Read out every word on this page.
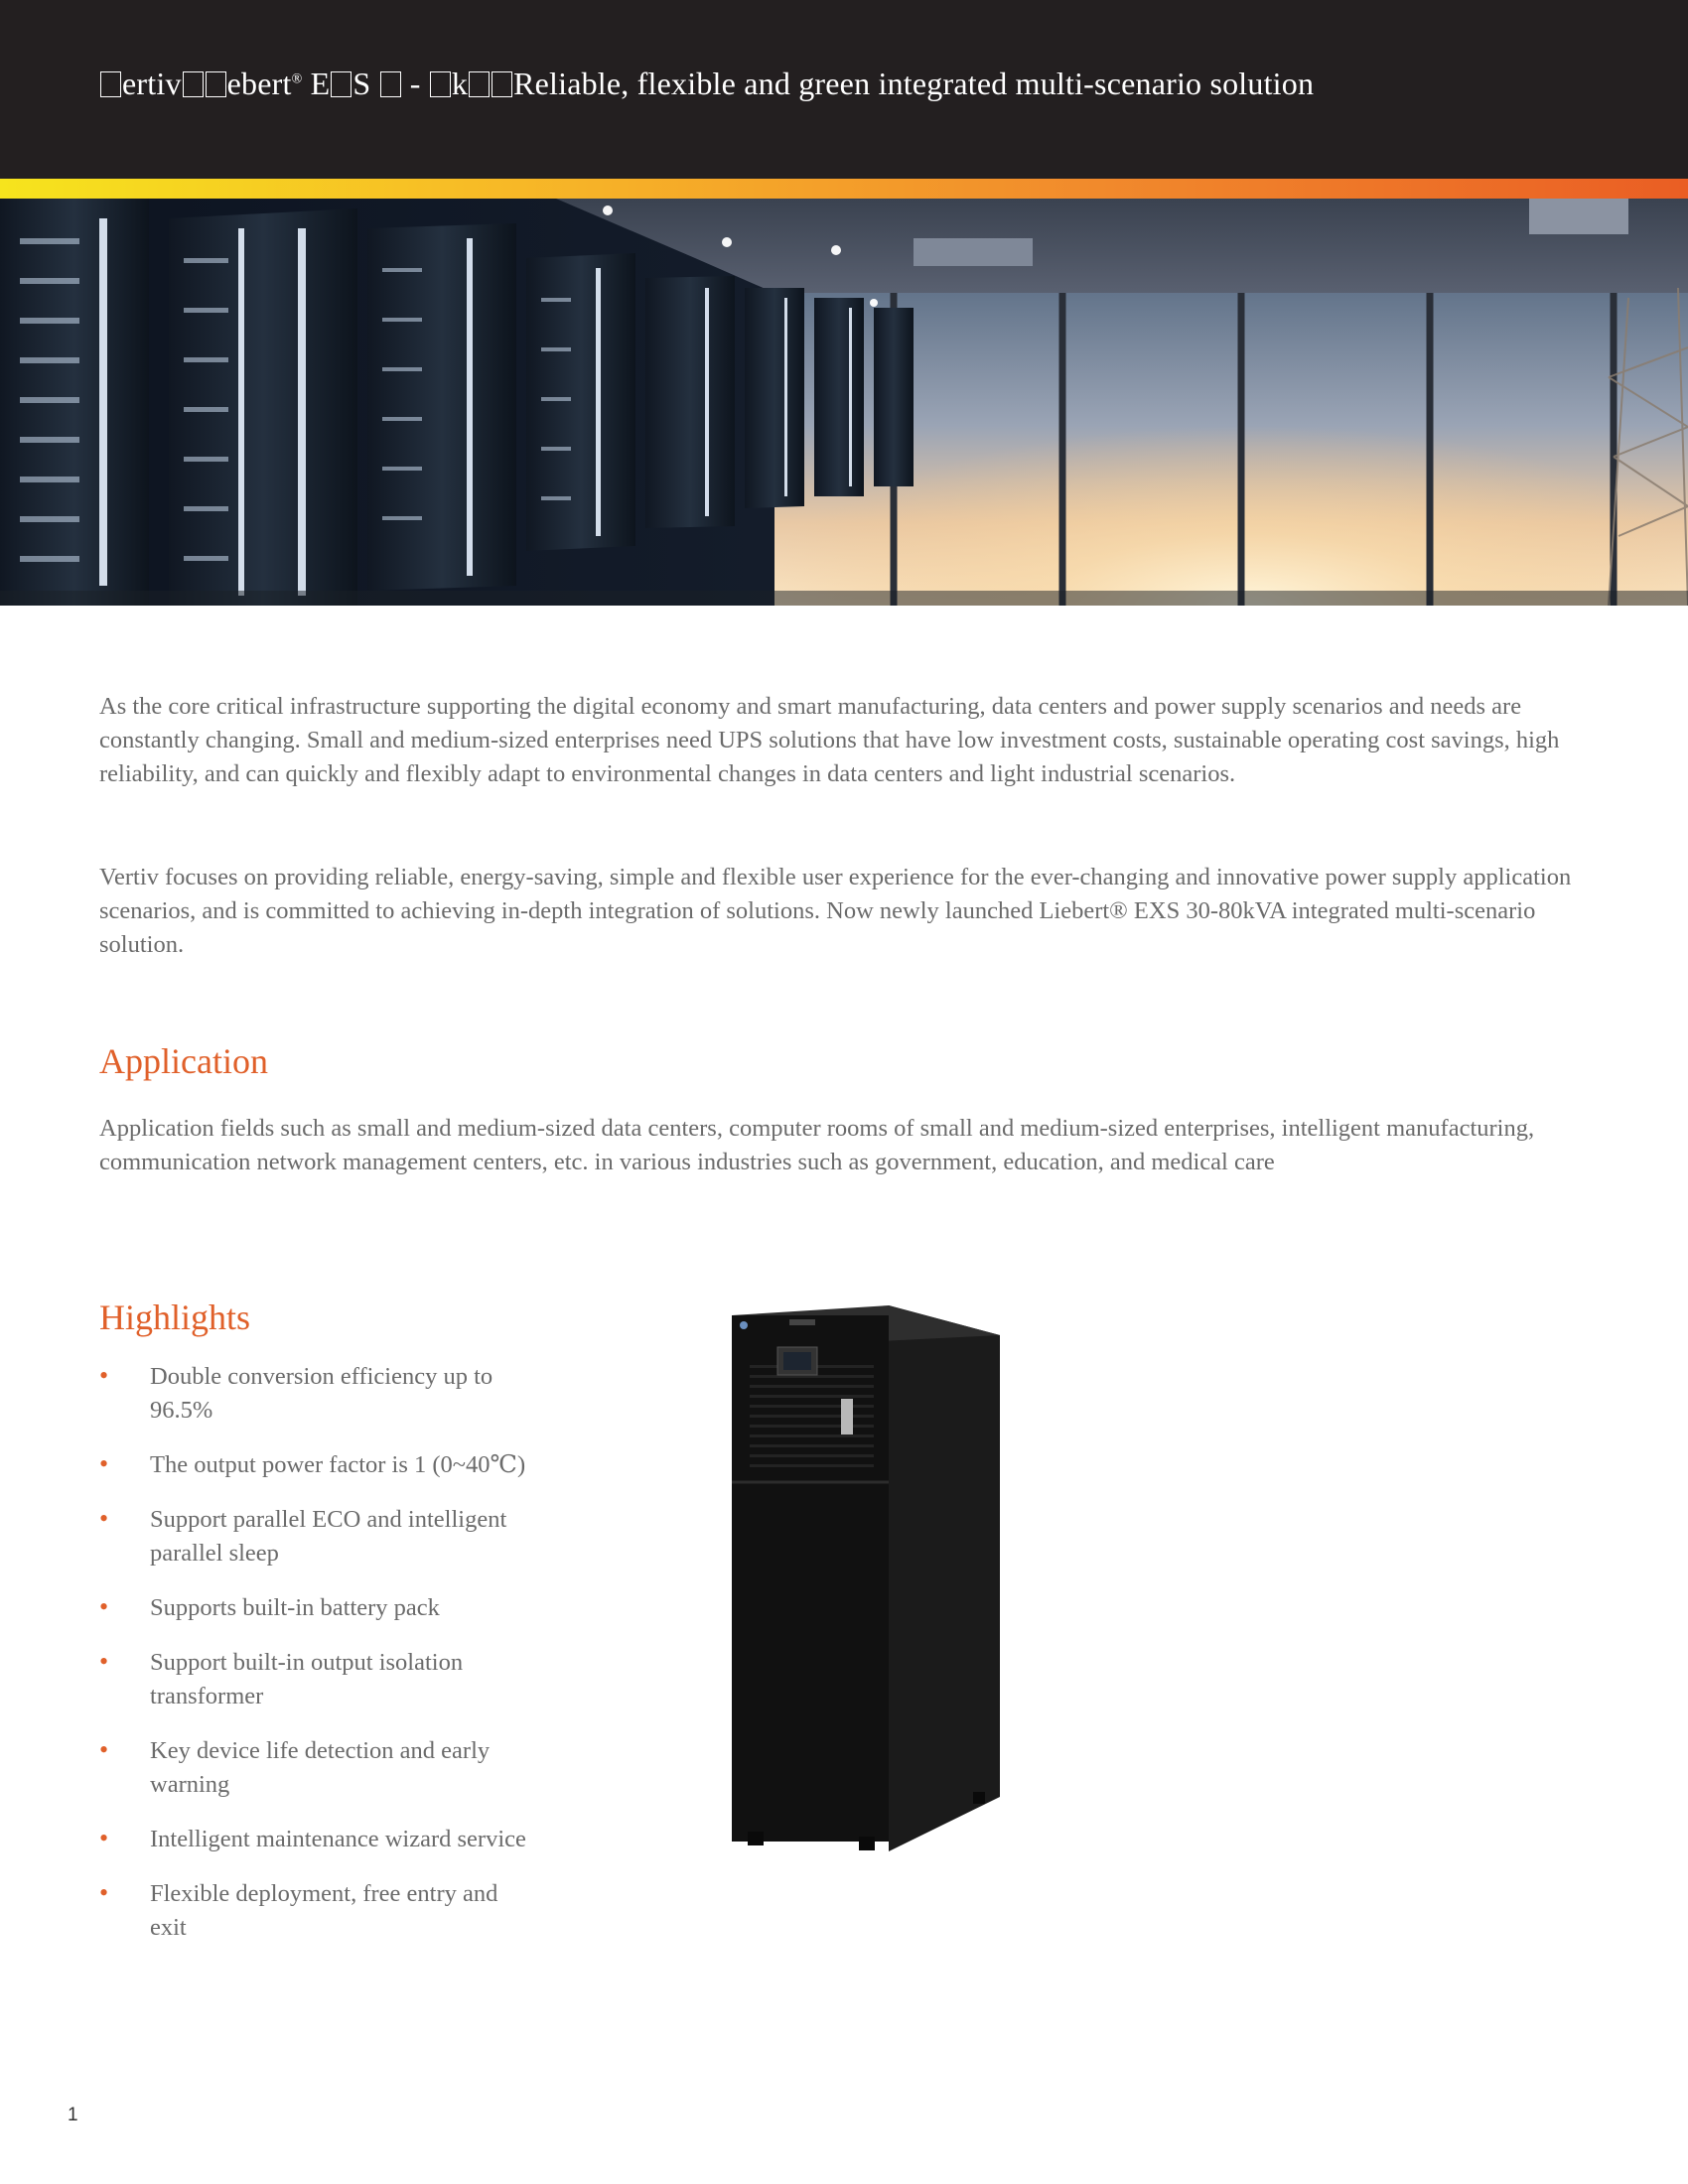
ertiv ebert® E S  - k Reliable, flexible and green integrated multi-scenario solution

As the core critical infrastructure supporting the digital economy and smart manufacturing, data centers and power supply scenarios and needs are constantly changing. Small and medium-sized enterprises need UPS solutions that have low investment costs, sustainable operating cost savings, high reliability, and can quickly and flexibly adapt to environmental changes in data centers and light industrial scenarios.

Vertiv focuses on providing reliable, energy-saving, simple and flexible user experience for the ever-changing and innovative power supply application scenarios, and is committed to achieving in-depth integration of solutions. Now newly launched Liebert® EXS 30-80kVA integrated multi-scenario solution.

Application

Application fields such as small and medium-sized data centers, computer rooms of small and medium-sized enterprises, intelligent manufacturing, communication network management centers, etc. in various industries such as government, education, and medical care

Highlights
• Double conversion efficiency up to 96.5%
• The output power factor is 1 (0~40℃)
• Support parallel ECO and intelligent parallel sleep
• Supports built-in battery pack
• Support built-in output isolation transformer
• Key device life detection and early warning
• Intelligent maintenance wizard service
• Flexible deployment, free entry and exit
1
